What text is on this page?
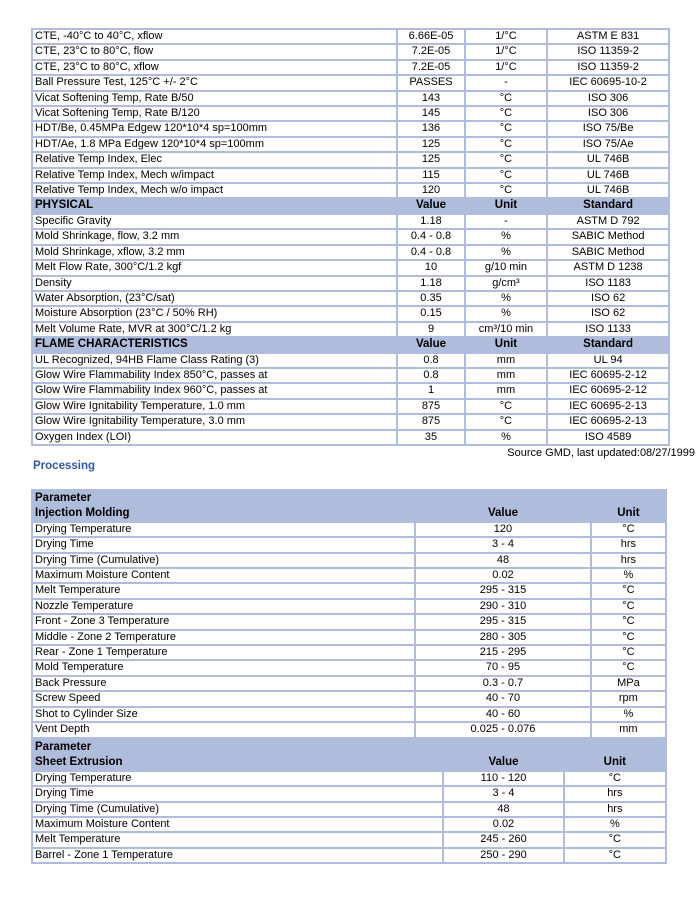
CTE, -40°C to 40°C, xflow	6.66E-05	1/°C	ASTM E 831
CTE, 23°C to 80°C, flow	7.2E-05	1/°C	ISO 11359-2
CTE, 23°C to 80°C, xflow	7.2E-05	1/°C	ISO 11359-2
Ball Pressure Test, 125°C +/- 2°C	PASSES	-	IEC 60695-10-2
Vicat Softening Temp, Rate B/50	143	°C	ISO 306
Vicat Softening Temp, Rate B/120	145	°C	ISO 306
HDT/Be, 0.45MPa Edgew 120*10*4 sp=100mm	136	°C	ISO 75/Be
HDT/Ae, 1.8 MPa Edgew 120*10*4 sp=100mm	125	°C	ISO 75/Ae
Relative Temp Index, Elec	125	°C	UL 746B
Relative Temp Index, Mech w/impact	115	°C	UL 746B
Relative Temp Index, Mech w/o impact	120	°C	UL 746B
PHYSICAL	Value	Unit	Standard
Specific Gravity	1.18	-	ASTM D 792
Mold Shrinkage, flow, 3.2 mm	0.4 - 0.8	%	SABIC Method
Mold Shrinkage, xflow, 3.2 mm	0.4 - 0.8	%	SABIC Method
Melt Flow Rate, 300°C/1.2 kgf	10	g/10 min	ASTM D 1238
Density	1.18	g/cm³	ISO 1183
Water Absorption, (23°C/sat)	0.35	%	ISO 62
Moisture Absorption (23°C / 50% RH)	0.15	%	ISO 62
Melt Volume Rate, MVR at 300°C/1.2 kg	9	cm³/10 min	ISO 1133
FLAME CHARACTERISTICS	Value	Unit	Standard
UL Recognized, 94HB Flame Class Rating (3)	0.8	mm	UL 94
Glow Wire Flammability Index 850°C, passes at	0.8	mm	IEC 60695-2-12
Glow Wire Flammability Index 960°C, passes at	1	mm	IEC 60695-2-12
Glow Wire Ignitability Temperature, 1.0 mm	875	°C	IEC 60695-2-13
Glow Wire Ignitability Temperature, 3.0 mm	875	°C	IEC 60695-2-13
Oxygen Index (LOI)	35	%	ISO 4589
Source GMD, last updated:08/27/1999
Processing
Parameter		
Injection Molding	Value	Unit
Drying Temperature	120	°C
Drying Time	3 - 4	hrs
Drying Time (Cumulative)	48	hrs
Maximum Moisture Content	0.02	%
Melt Temperature	295 - 315	°C
Nozzle Temperature	290 - 310	°C
Front - Zone 3 Temperature	295 - 315	°C
Middle - Zone 2 Temperature	280 - 305	°C
Rear - Zone 1 Temperature	215 - 295	°C
Mold Temperature	70 - 95	°C
Back Pressure	0.3 - 0.7	MPa
Screw Speed	40 - 70	rpm
Shot to Cylinder Size	40 - 60	%
Vent Depth	0.025 - 0.076	mm
Parameter		
Sheet Extrusion	Value	Unit
Drying Temperature	110 - 120	°C
Drying Time	3 - 4	hrs
Drying Time (Cumulative)	48	hrs
Maximum Moisture Content	0.02	%
Melt Temperature	245 - 260	°C
Barrel - Zone 1 Temperature	250 - 290	°C
